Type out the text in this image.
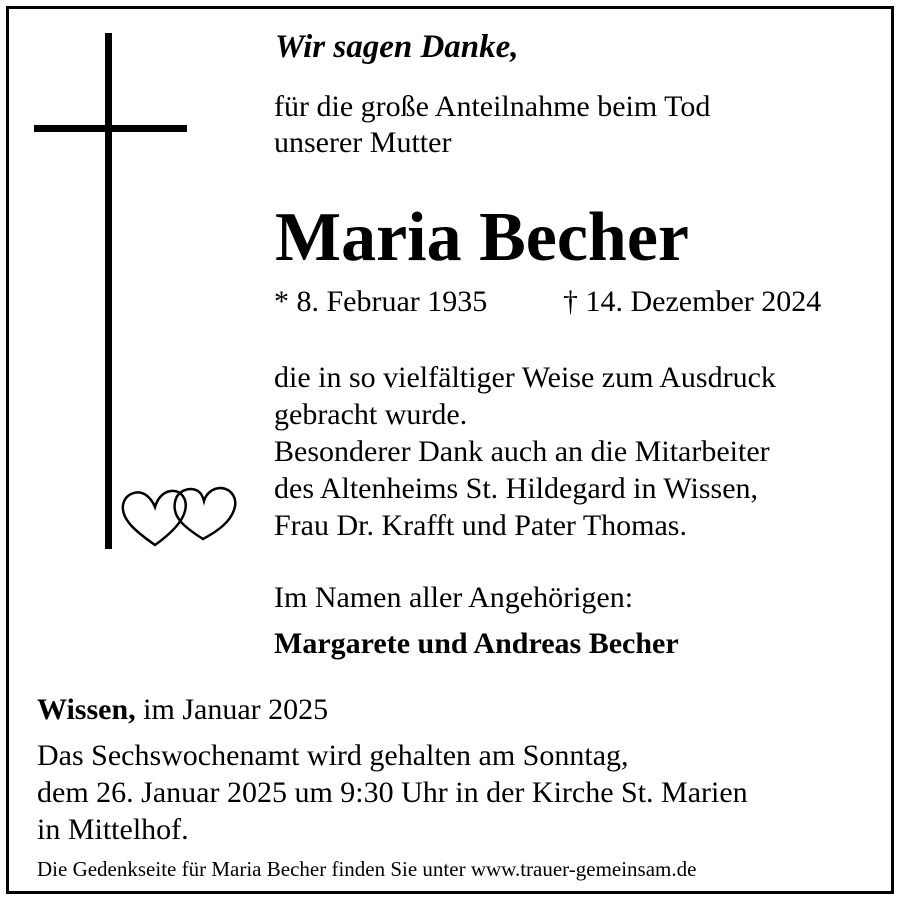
Wir sagen Danke,
für die große Anteilnahme beim Tod
unserer Mutter
Maria Becher
* 8. Februar 1935	† 14. Dezember 2024
die in so vielfältiger Weise zum Ausdruck
gebracht wurde.
Besonderer Dank auch an die Mitarbeiter
des Altenheims St. Hildegard in Wissen,
Frau Dr. Krafft und Pater Thomas.
Im Namen aller Angehörigen:
Margarete und Andreas Becher
Wissen, im Januar 2025
Das Sechswochenamt wird gehalten am Sonntag,
dem 26. Januar 2025 um 9:30 Uhr in der Kirche St. Marien
in Mittelhof.
Die Gedenkseite für Maria Becher finden Sie unter www.trauer-gemeinsam.de
